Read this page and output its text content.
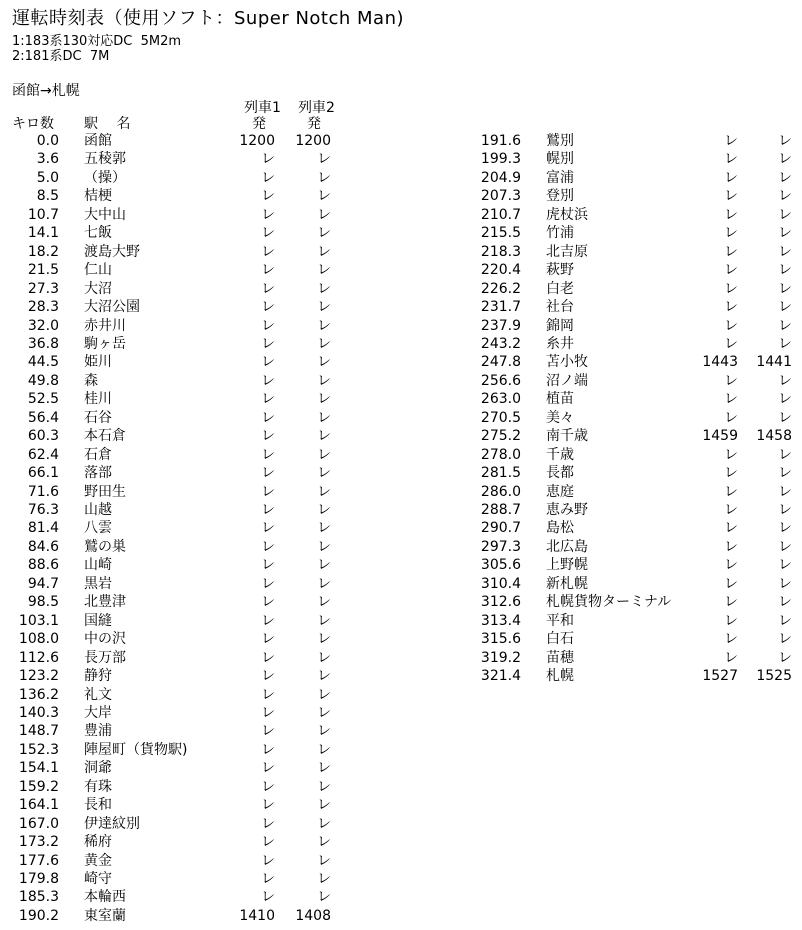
運転時刻表（使用ソフト：Super Notch Man)
1:183系130対応DC  5M2m
2:181系DC  7M
函館→札幌
列車1 列車2
キロ数 駅　 名	発	発
0.0 函館	1200	1200
3.6 五稜郭	レ	レ
5.0 （操）	レ	レ
8.5 桔梗	レ	レ
10.7 大中山	レ	レ
14.1 七飯	レ	レ
18.2 渡島大野	レ	レ
21.5 仁山	レ	レ
27.3 大沼	レ	レ
28.3 大沼公園	レ	レ
32.0 赤井川	レ	レ
36.8 駒ヶ岳	レ	レ
44.5 姫川	レ	レ
49.8 森	レ	レ
52.5 桂川	レ	レ
56.4 石谷	レ	レ
60.3 本石倉	レ	レ
62.4 石倉	レ	レ
66.1 落部	レ	レ
71.6 野田生	レ	レ
76.3 山越	レ	レ
81.4 八雲	レ	レ
84.6 鷲の巣	レ	レ
88.6 山崎	レ	レ
94.7 黒岩	レ	レ
98.5 北豊津	レ	レ
103.1 国縫	レ	レ
108.0 中の沢	レ	レ
112.6 長万部	レ	レ
123.2 静狩	レ	レ
136.2 礼文	レ	レ
140.3 大岸	レ	レ
148.7 豊浦	レ	レ
152.3 陣屋町（貨物駅)	レ	レ
154.1 洞爺	レ	レ
159.2 有珠	レ	レ
164.1 長和	レ	レ
167.0 伊達紋別	レ	レ
173.2 稀府	レ	レ
177.6 黄金	レ	レ
179.8 崎守	レ	レ
185.3 本輪西	レ	レ
190.2 東室蘭	1410	1408
191.6 鷲別	レ	レ
199.3 幌別	レ	レ
204.9 富浦	レ	レ
207.3 登別	レ	レ
210.7 虎杖浜	レ	レ
215.5 竹浦	レ	レ
218.3 北吉原	レ	レ
220.4 萩野	レ	レ
226.2 白老	レ	レ
231.7 社台	レ	レ
237.9 錦岡	レ	レ
243.2 糸井	レ	レ
247.8 苫小牧	1443	1441
256.6 沼ノ端	レ	レ
263.0 植苗	レ	レ
270.5 美々	レ	レ
275.2 南千歳	1459	1458
278.0 千歳	レ	レ
281.5 長都	レ	レ
286.0 恵庭	レ	レ
288.7 恵み野	レ	レ
290.7 島松	レ	レ
297.3 北広島	レ	レ
305.6 上野幌	レ	レ
310.4 新札幌	レ	レ
312.6 札幌貨物ターミナル	レ	レ
313.4 平和	レ	レ
315.6 白石	レ	レ
319.2 苗穂	レ	レ
321.4 札幌	1527	1525
